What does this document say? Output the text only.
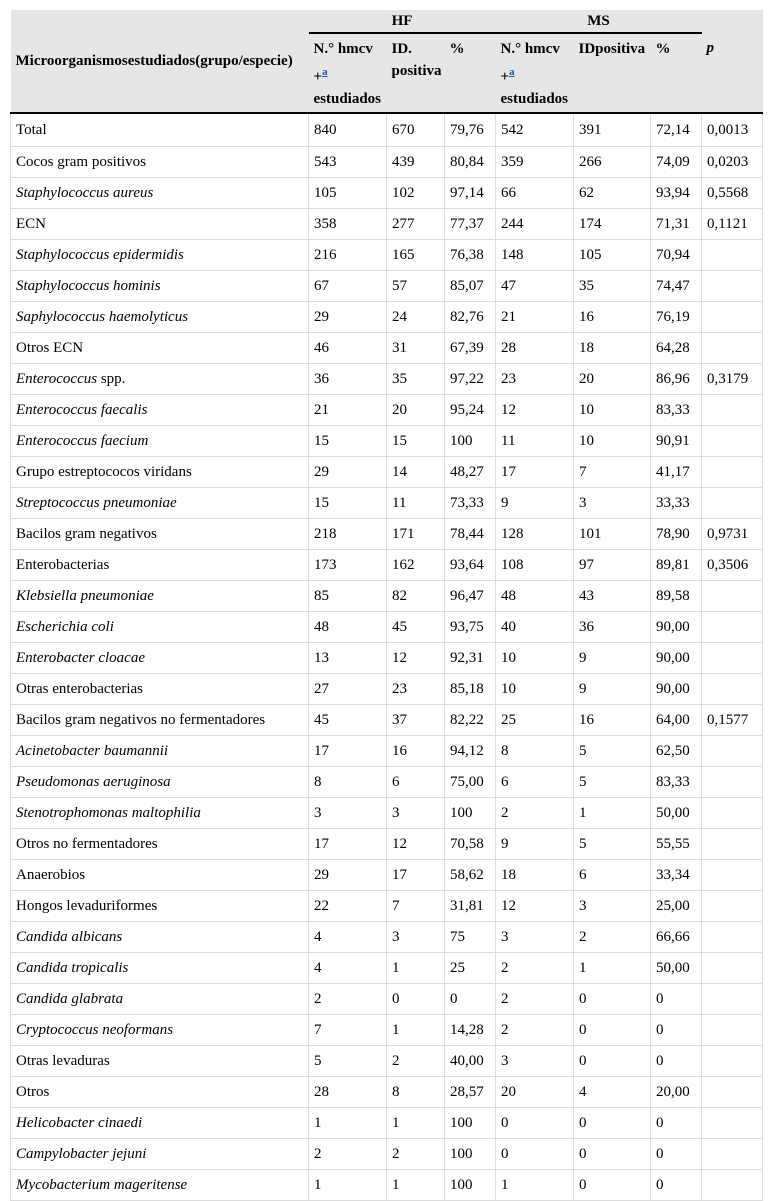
Microorganismosestudiados(grupo/especie)	HF			MS			
	N.° hmcv
+$^a$
estudiados	ID.
positiva	%	N.° hmcv
+$^a$
estudiados	IDpositiva	%	p
Total	840	670	79,76	542	391	72,14	0,0013
Cocos gram positivos	543	439	80,84	359	266	74,09	0,0203
Staphylococcus aureus	105	102	97,14	66	62	93,94	0,5568
ECN	358	277	77,37	244	174	71,31	0,1121
Staphylococcus epidermidis	216	165	76,38	148	105	70,94	
Staphylococcus hominis	67	57	85,07	47	35	74,47	
Saphylococcus haemolyticus	29	24	82,76	21	16	76,19	
Otros ECN	46	31	67,39	28	18	64,28	
Enterococcus spp.	36	35	97,22	23	20	86,96	0,3179
Enterococcus faecalis	21	20	95,24	12	10	83,33	
Enterococcus faecium	15	15	100	11	10	90,91	
Grupo estreptococos viridans	29	14	48,27	17	7	41,17	
Streptococcus pneumoniae	15	11	73,33	9	3	33,33	
Bacilos gram negativos	218	171	78,44	128	101	78,90	0,9731
Enterobacterias	173	162	93,64	108	97	89,81	0,3506
Klebsiella pneumoniae	85	82	96,47	48	43	89,58	
Escherichia coli	48	45	93,75	40	36	90,00	
Enterobacter cloacae	13	12	92,31	10	9	90,00	
Otras enterobacterias	27	23	85,18	10	9	90,00	
Bacilos gram negativos no fermentadores	45	37	82,22	25	16	64,00	0,1577
Acinetobacter baumannii	17	16	94,12	8	5	62,50	
Pseudomonas aeruginosa	8	6	75,00	6	5	83,33	
Stenotrophomonas maltophilia	3	3	100	2	1	50,00	
Otros no fermentadores	17	12	70,58	9	5	55,55	
Anaerobios	29	17	58,62	18	6	33,34	
Hongos levaduriformes	22	7	31,81	12	3	25,00	
Candida albicans	4	3	75	3	2	66,66	
Candida tropicalis	4	1	25	2	1	50,00	
Candida glabrata	2	0	0	2	0	0	
Cryptococcus neoformans	7	1	14,28	2	0	0	
Otras levaduras	5	2	40,00	3	0	0	
Otros	28	8	28,57	20	4	20,00	
Helicobacter cinaedi	1	1	100	0	0	0	
Campylobacter jejuni	2	2	100	0	0	0	
Mycobacterium mageritense	1	1	100	1	0	0	
